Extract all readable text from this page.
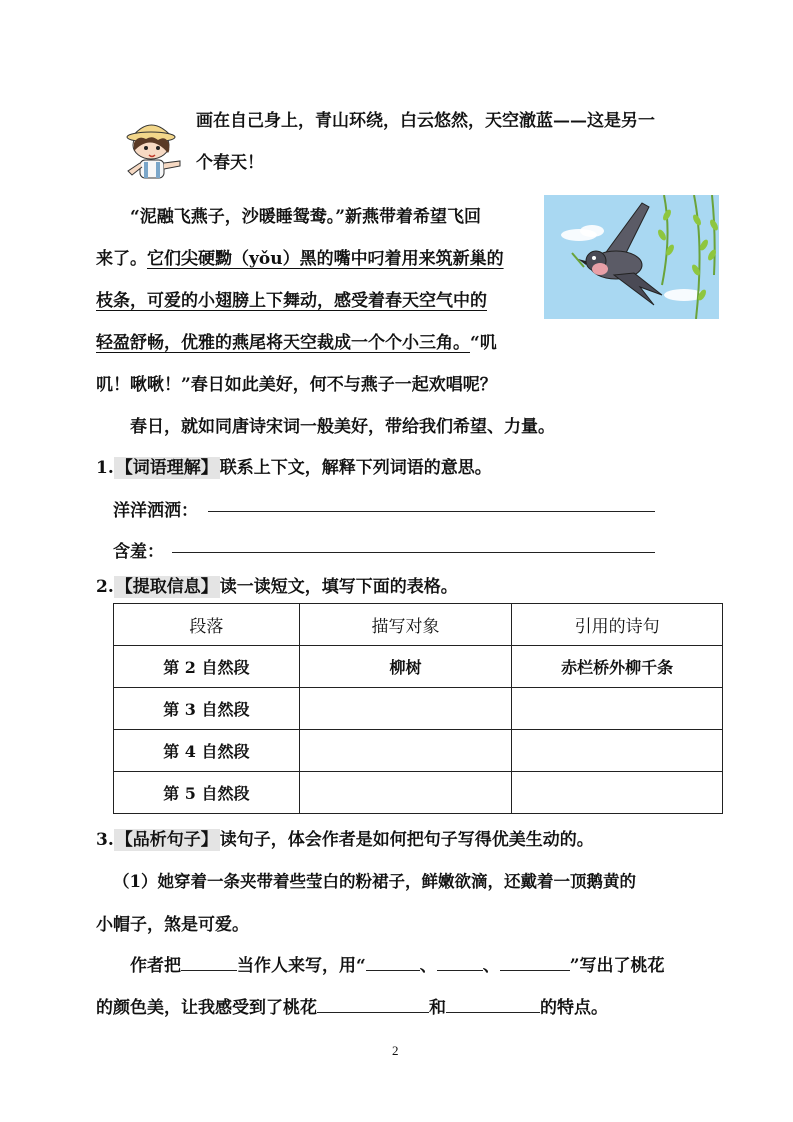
画在自己身上，青山环绕，白云悠然，天空澈蓝——这是另一
个春天！
“泥融飞燕子，沙暖睡鸳鸯。”新燕带着希望飞回
来了。它们尖硬黝（yǒu）黑的嘴中叼着用来筑新巢的
枝条，可爱的小翅膀上下舞动，感受着春天空气中的
轻盈舒畅，优雅的燕尾将天空裁成一个个小三角。“叽
叽！啾啾！”春日如此美好，何不与燕子一起欢唱呢？
春日，就如同唐诗宋词一般美好，带给我们希望、力量。
1. 【词语理解】 联系上下文，解释下列词语的意思。
洋洋洒洒：
含羞：
2. 【提取信息】 读一读短文，填写下面的表格。
段落	描写对象	引用的诗句
第 2 自然段	柳树	赤栏桥外柳千条
第 3 自然段		
第 4 自然段		
第 5 自然段		
3. 【品析句子】 读句子，体会作者是如何把句子写得优美生动的。
（1）她穿着一条夹带着些莹白的粉裙子，鲜嫩欲滴，还戴着一顶鹅黄的
小帽子，煞是可爱。
作者把	当作人来写，用“	、	、	”写出了桃花
的颜色美，让我感受到了桃花	和	的特点。
2
